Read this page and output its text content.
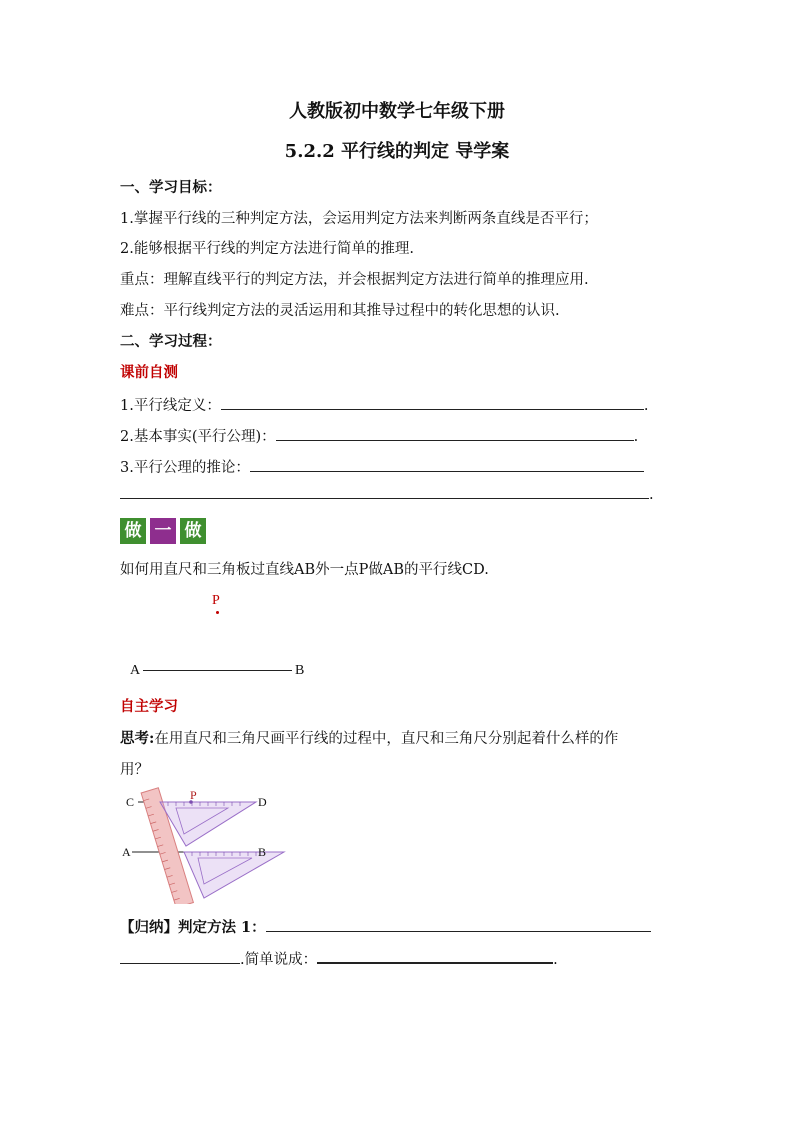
人教版初中数学七年级下册
5.2.2 平行线的判定 导学案
一、学习目标：
1.掌握平行线的三种判定方法，会运用判定方法来判断两条直线是否平行；
2.能够根据平行线的判定方法进行简单的推理.
重点：理解直线平行的判定方法，并会根据判定方法进行简单的推理应用.
难点：平行线判定方法的灵活运用和其推导过程中的转化思想的认识.
二、学习过程：
课前自测
1.平行线定义：	.
2.基本事实(平行公理)：	.
3.平行公理的推论：
.
做 一 做
如何用直尺和三角板过直线AB外一点P做AB的平行线CD.
P
A	B
自主学习
思考:在用直尺和三角尺画平行线的过程中，直尺和三角尺分别起着什么样的作
用？
C	P	D
A	B
【归纳】判定方法 1：
.简单说成：	.
